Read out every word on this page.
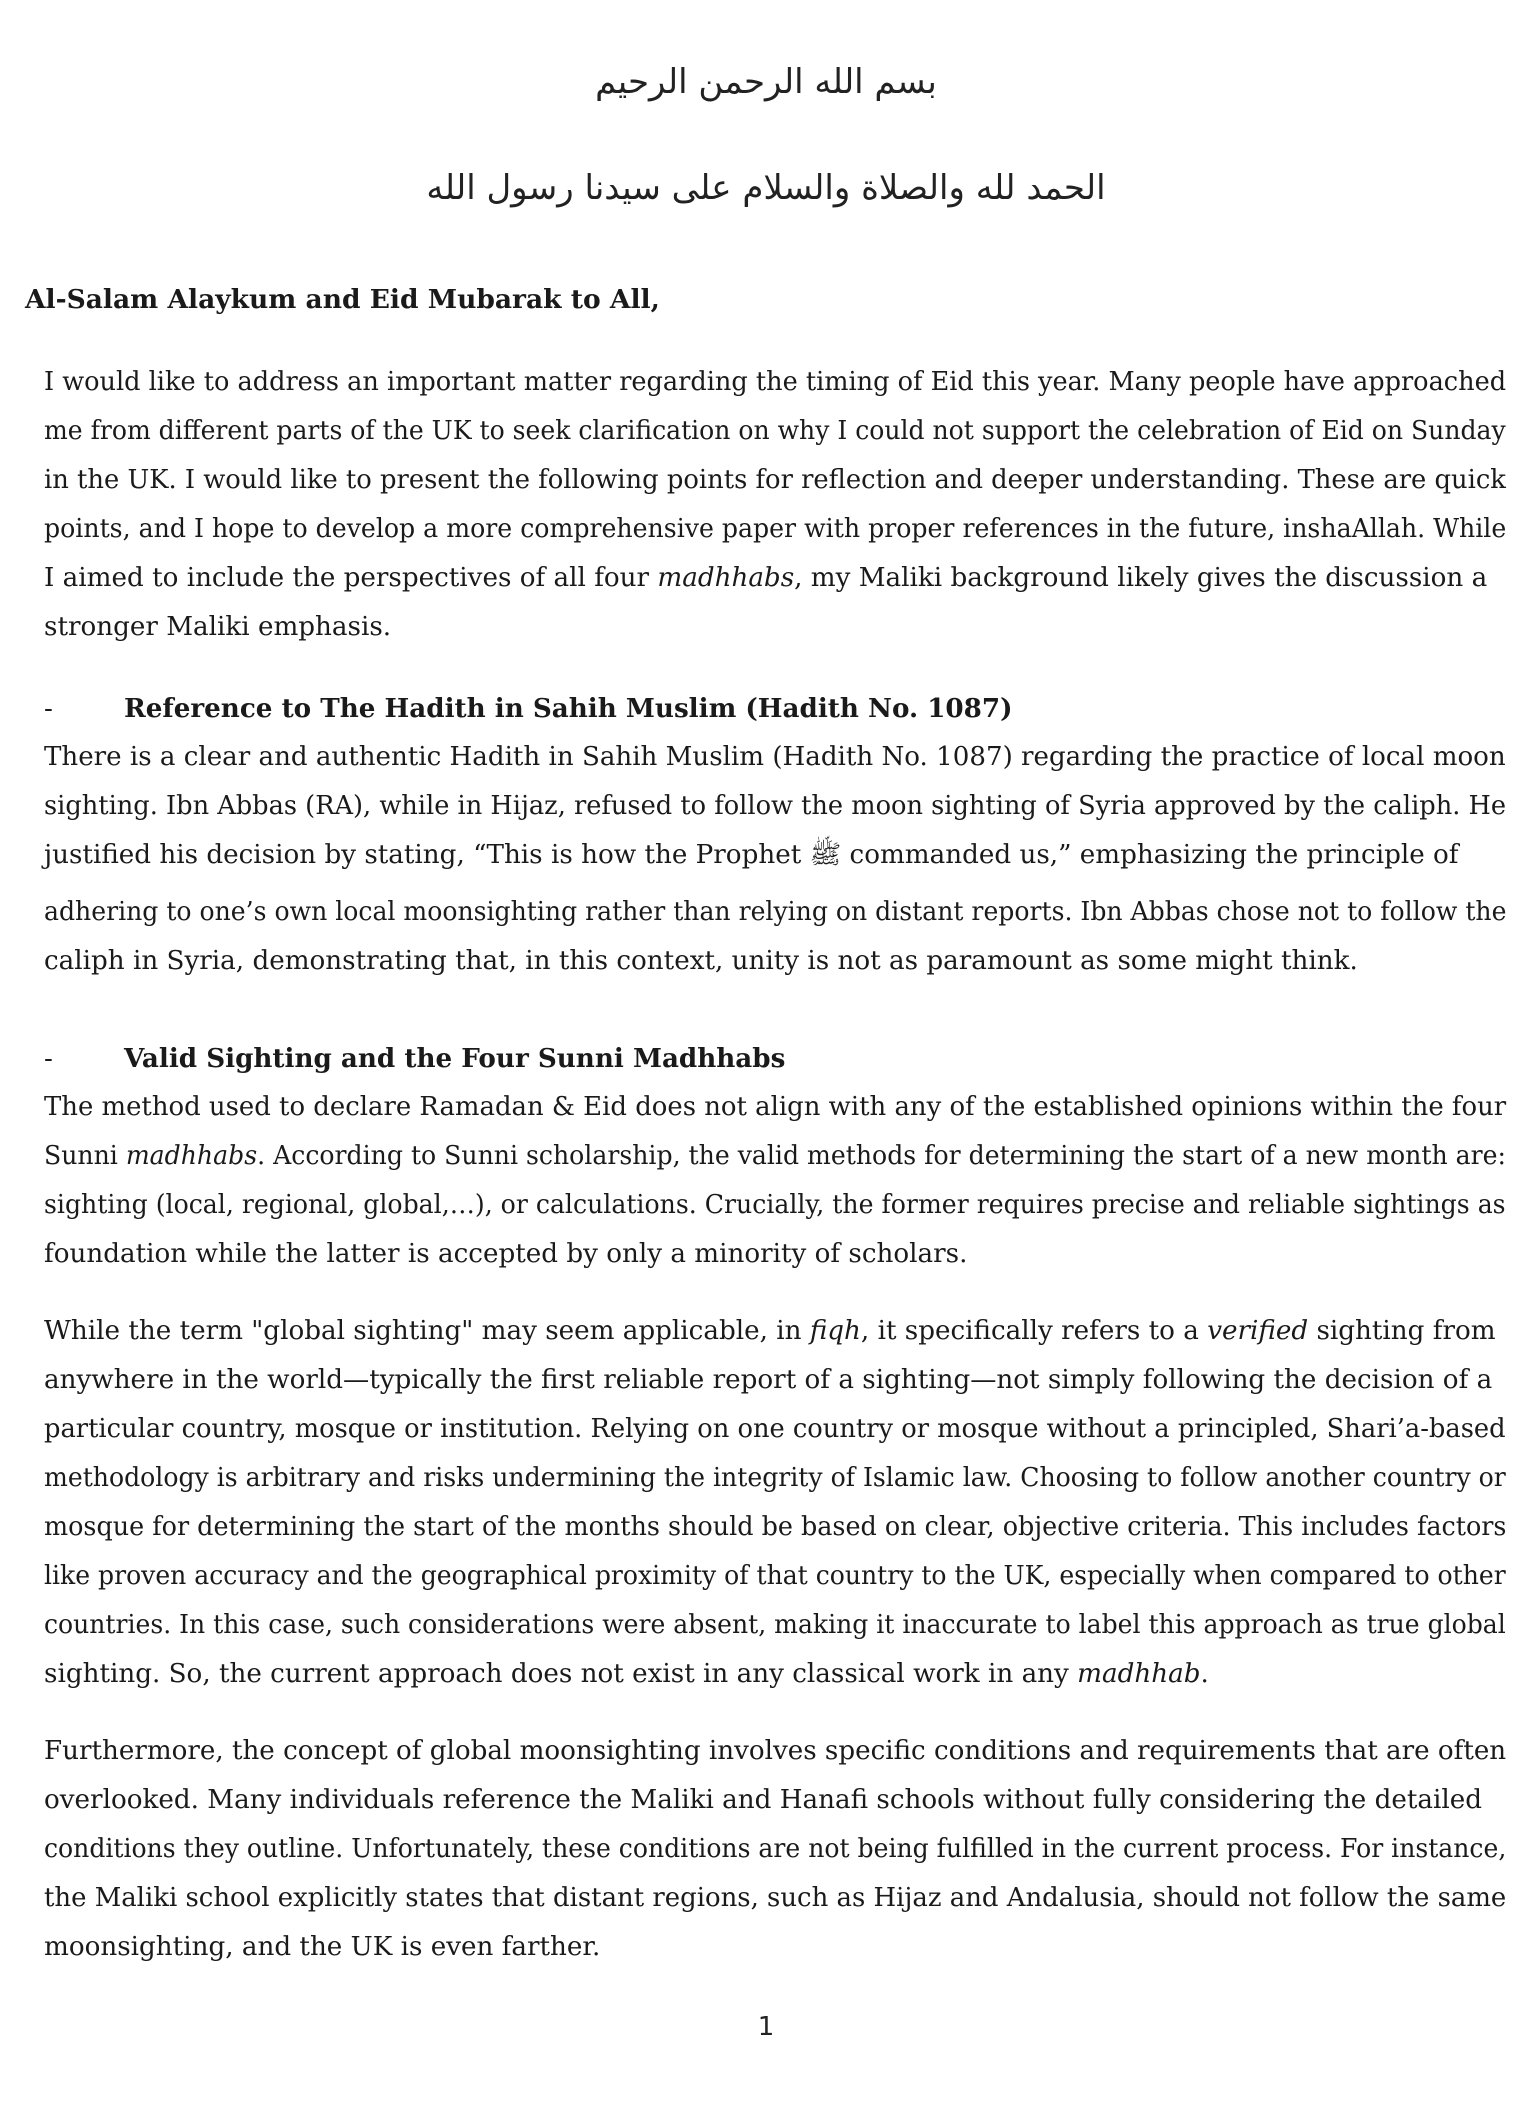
بسم الله الرحمن الرحيم
الحمد لله والصلاة والسلام على سيدنا رسول الله
Al-Salam Alaykum and Eid Mubarak to All,
I would like to address an important matter regarding the timing of Eid this year. Many people have approached
me from different parts of the UK to seek clarification on why I could not support the celebration of Eid on Sunday
in the UK. I would like to present the following points for reflection and deeper understanding. These are quick
points, and I hope to develop a more comprehensive paper with proper references in the future, inshaAllah. While
I aimed to include the perspectives of all four madhhabs, my Maliki background likely gives the discussion a
stronger Maliki emphasis.
-	Reference to The Hadith in Sahih Muslim (Hadith No. 1087)
There is a clear and authentic Hadith in Sahih Muslim (Hadith No. 1087) regarding the practice of local moon
sighting. Ibn Abbas (RA), while in Hijaz, refused to follow the moon sighting of Syria approved by the caliph. He
justified his decision by stating, “This is how the Prophet ﷺ commanded us,” emphasizing the principle of
adhering to one’s own local moonsighting rather than relying on distant reports. Ibn Abbas chose not to follow the
caliph in Syria, demonstrating that, in this context, unity is not as paramount as some might think.
-	Valid Sighting and the Four Sunni Madhhabs
The method used to declare Ramadan & Eid does not align with any of the established opinions within the four
Sunni madhhabs. According to Sunni scholarship, the valid methods for determining the start of a new month are:
sighting (local, regional, global,…), or calculations. Crucially, the former requires precise and reliable sightings as
foundation while the latter is accepted by only a minority of scholars.
While the term "global sighting" may seem applicable, in fiqh, it specifically refers to a verified sighting from
anywhere in the world—typically the first reliable report of a sighting—not simply following the decision of a
particular country, mosque or institution. Relying on one country or mosque without a principled, Shari’a-based
methodology is arbitrary and risks undermining the integrity of Islamic law. Choosing to follow another country or
mosque for determining the start of the months should be based on clear, objective criteria. This includes factors
like proven accuracy and the geographical proximity of that country to the UK, especially when compared to other
countries. In this case, such considerations were absent, making it inaccurate to label this approach as true global
sighting. So, the current approach does not exist in any classical work in any madhhab.
Furthermore, the concept of global moonsighting involves specific conditions and requirements that are often
overlooked. Many individuals reference the Maliki and Hanafi schools without fully considering the detailed
conditions they outline. Unfortunately, these conditions are not being fulfilled in the current process. For instance,
the Maliki school explicitly states that distant regions, such as Hijaz and Andalusia, should not follow the same
moonsighting, and the UK is even farther.
1
